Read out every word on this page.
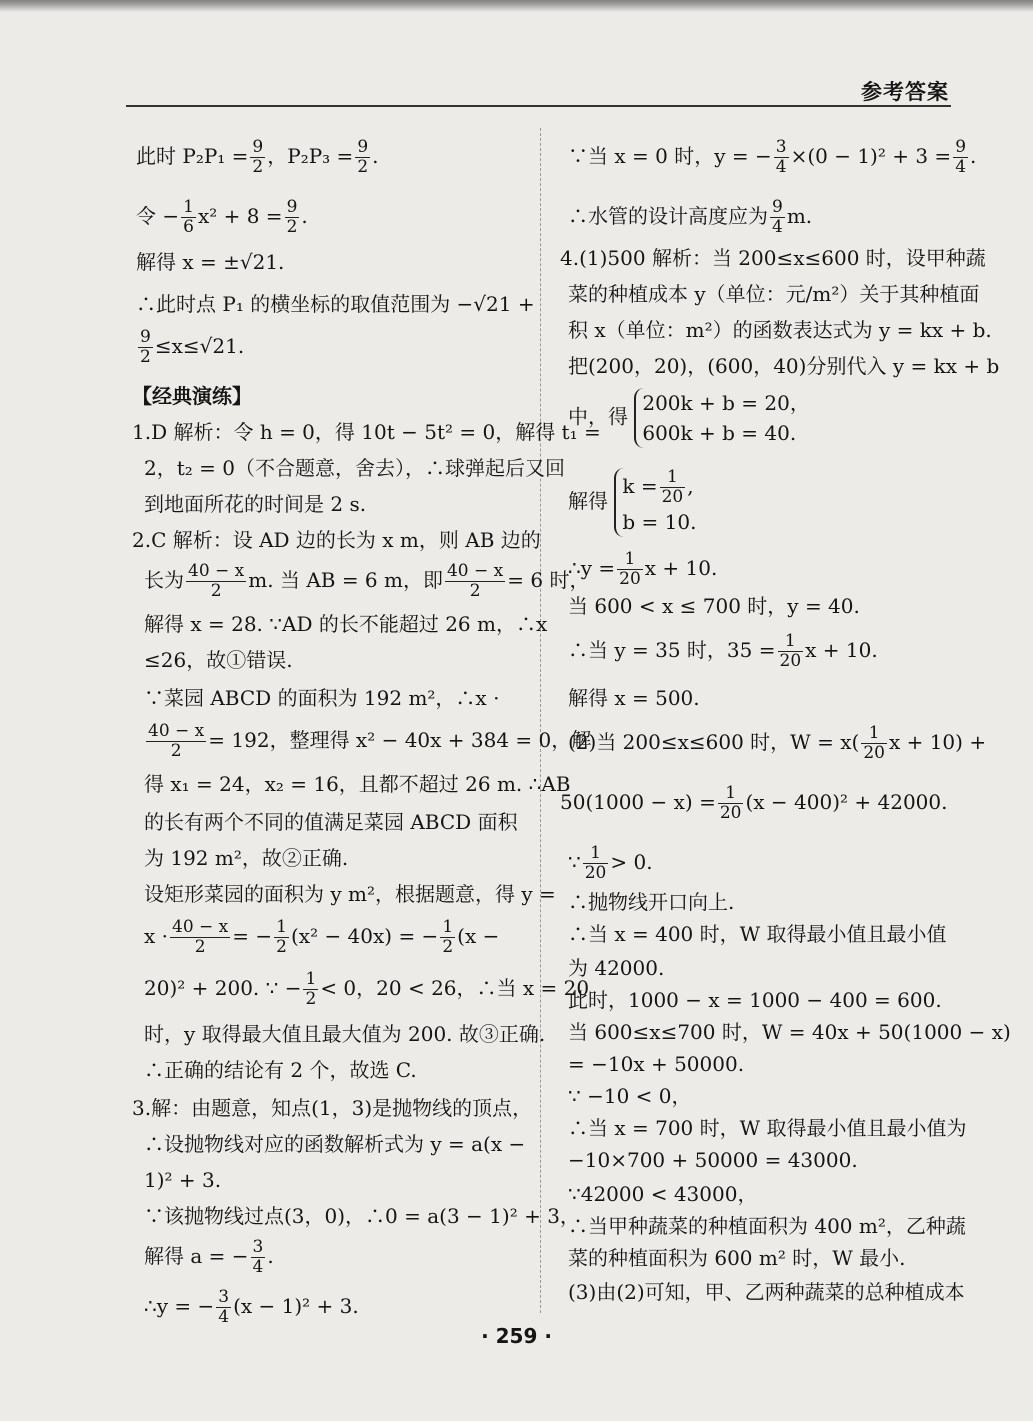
参考答案
此时 $P_2P_1 = \frac{9}{2}$ ，$P_2P_3 = \frac{9}{2}$ .
令 − $\frac{1}{6} x^2 + 8 = \frac{9}{2}$ .
解得 x = ±√21.
∴此时点 P₁ 的横坐标的取值范围为 −√21 +
$\frac{9}{2} \le x\le√21$.
【经典演练】
1.D 解析：令 h = 0，得 10t − 5t² = 0，解得 t₁ =
2，t₂ = 0（不合题意，舍去），∴球弹起后又回
到地面所花的时间是 2 s.
2.C 解析：设 AD 边的长为 x m，则 AB 边的
长为 $\frac{40 - x}{2} m$. 当 AB = 6 m，即 $\frac{40 - x}{2} = 6$ 时，
解得 x = 28. ∵AD 的长不能超过 26 m，∴x
≤26，故①错误.
∵菜园 ABCD 的面积为 192 m²，∴x ·
$\frac{40 - x}{2} = 192$，整理得 x² − 40x + 384 = 0，解
得 x₁ = 24，x₂ = 16，且都不超过 26 m. ∴AB
的长有两个不同的值满足菜园 ABCD 面积
为 192 m²，故②正确.
设矩形菜园的面积为 y m²，根据题意，得 y =
$x \cdot \frac{40 - x}{2}$ = − $\frac{1}{2} (x^2 - 40x)$ = − $\frac{1}{2} (x$ −
20)² + 200. ∵ − $\frac{1}{2} < 0$，20 < 26，∴当 x = 20
时，y 取得最大值且最大值为 200. 故③正确.
∴正确的结论有 2 个，故选 C.
3.解：由题意，知点(1，3)是抛物线的顶点，
∴设抛物线对应的函数解析式为 y = a(x −
1)² + 3.
∵该抛物线过点(3，0)，∴0 = a(3 − 1)² + 3，
解得 a = − $\frac{3}{4}$ .
∴y = − $\frac{3}{4} (x - 1)^2 + 3$.
∵当 x = 0 时，y = − $\frac{3}{4} \times(0 - 1)^2 + 3 = \frac{9}{4}$ .
∴水管的设计高度应为 $\frac{9}{4} m$.
4.(1)500 解析：当 200≤x≤600 时，设甲种蔬
菜的种植成本 y（单位：元/m²）关于其种植面
积 x（单位：m²）的函数表达式为 y = kx + b.
把(200，20)，(600，40)分别代入 y = kx + b
中，得
200k + b = 20，
600k + b = 40.
解得
$k = \frac{1}{20}$ ,
b = 10.
∴y = $\frac{1}{20}$ x + 10.
当 600 < x ≤ 700 时，y = 40.
∴当 y = 35 时，$35 = \frac{1}{20}$ x + 10.
解得 x = 500.
(2)当 200≤x≤600 时，$W = x( \frac{1}{20}$ x + 10) +
$50(1000 - x) = \frac{1}{20} (x - 400)^2 + 42000$.
∵ $\frac{1}{20} > 0$.
∴抛物线开口向上.
∴当 x = 400 时，W 取得最小值且最小值
为 42000.
此时，1000 − x = 1000 − 400 = 600.
当 600≤x≤700 时，W = 40x + 50(1000 − x)
= −10x + 50000.
∵ −10 < 0，
∴当 x = 700 时，W 取得最小值且最小值为
−10×700 + 50000 = 43000.
∵42000 < 43000，
∴当甲种蔬菜的种植面积为 400 m²，乙种蔬
菜的种植面积为 600 m² 时，W 最小.
(3)由(2)可知，甲、乙两种蔬菜的总种植成本
· 259 ·
